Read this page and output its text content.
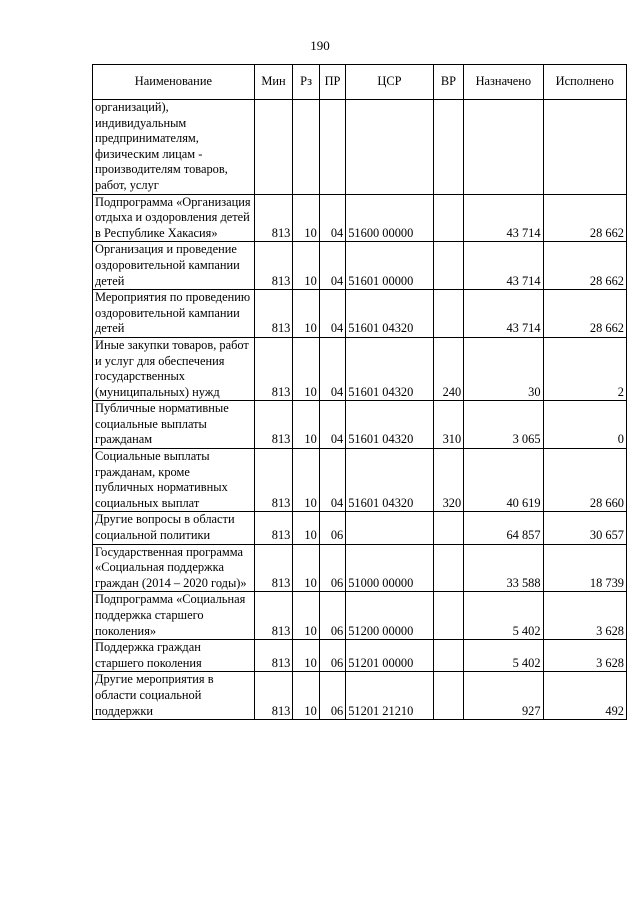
190
Наименование	Мин	Рз	ПР	ЦСР	ВР	Назначено	Исполнено
организаций), индивидуальным предпринимателям, физическим лицам - производителям товаров, работ, услуг							
Подпрограмма «Организация отдыха и оздоровления детей в Республике Хакасия»	813	10	04	51600 00000		43 714	28 662
Организация и проведение оздоровительной кампании детей	813	10	04	51601 00000		43 714	28 662
Мероприятия по проведению оздоровительной кампании детей	813	10	04	51601 04320		43 714	28 662
Иные закупки товаров, работ и услуг для обеспечения государственных (муниципальных) нужд	813	10	04	51601 04320	240	30	2
Публичные нормативные социальные выплаты гражданам	813	10	04	51601 04320	310	3 065	0
Социальные выплаты гражданам, кроме публичных нормативных социальных выплат	813	10	04	51601 04320	320	40 619	28 660
Другие вопросы в области социальной политики	813	10	06			64 857	30 657
Государственная программа «Социальная поддержка граждан (2014 – 2020 годы)»	813	10	06	51000 00000		33 588	18 739
Подпрограмма «Социальная поддержка старшего поколения»	813	10	06	51200 00000		5 402	3 628
Поддержка граждан старшего поколения	813	10	06	51201 00000		5 402	3 628
Другие мероприятия в области социальной поддержки	813	10	06	51201 21210		927	492
